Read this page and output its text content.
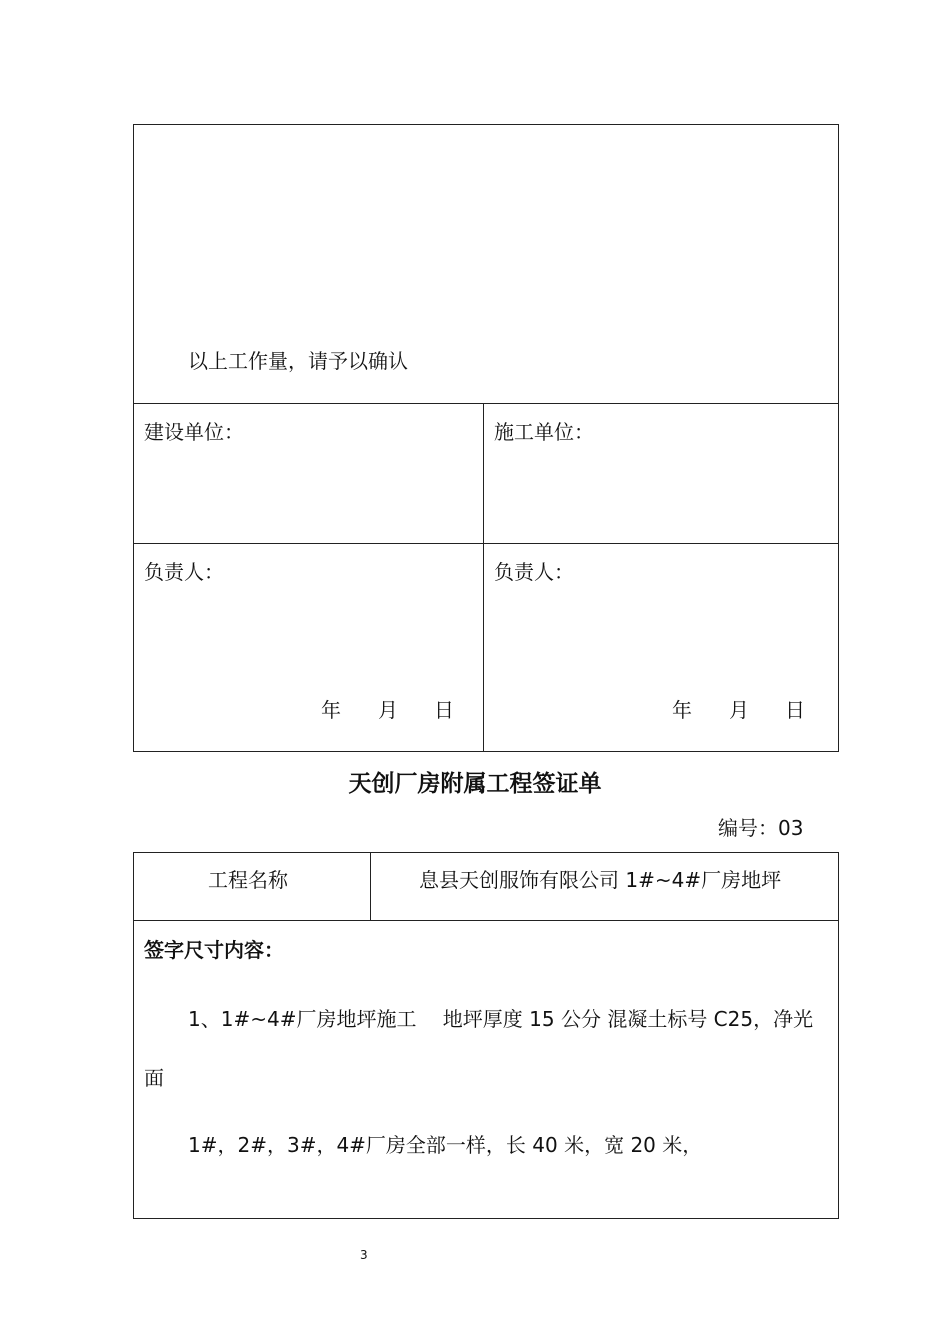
以上工作量，请予以确认
建设单位：	施工单位：
负责人：	负责人：
年 月 日	年 月 日
天创厂房附属工程签证单
编号：03
工程名称	息县天创服饰有限公司 1#~4#厂房地坪
签字尺寸内容：
1、1#~4#厂房地坪施工　 地坪厚度 15 公分 混凝土标号 C25，净光
面
1#，2#，3#，4#厂房全部一样，长 40 米，宽 20 米，
3
